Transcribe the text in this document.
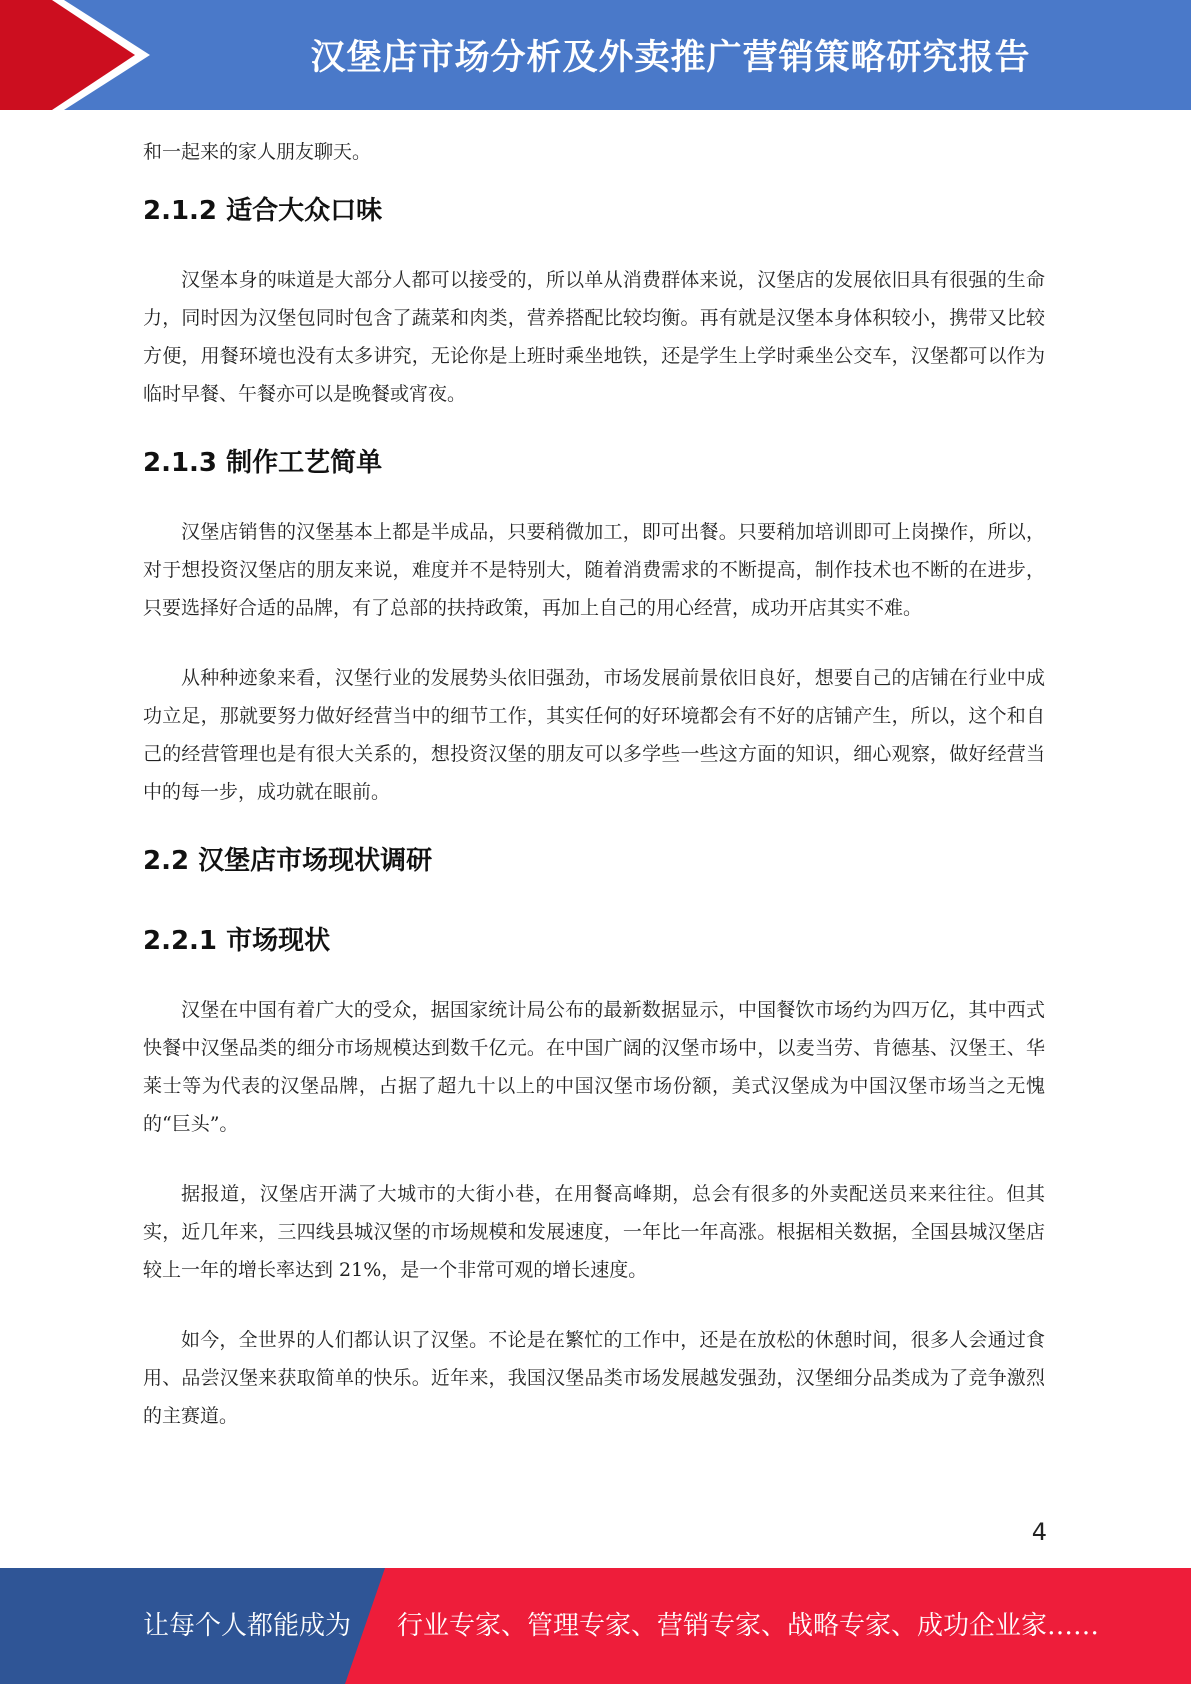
汉堡店市场分析及外卖推广营销策略研究报告

和一起来的家人朋友聊天。

2.1.2 适合大众口味

汉堡本身的味道是大部分人都可以接受的，所以单从消费群体来说，汉堡店的发展依旧具有很强的生命力，同时因为汉堡包同时包含了蔬菜和肉类，营养搭配比较均衡。再有就是汉堡本身体积较小，携带又比较方便，用餐环境也没有太多讲究，无论你是上班时乘坐地铁，还是学生上学时乘坐公交车，汉堡都可以作为临时早餐、午餐亦可以是晚餐或宵夜。

2.1.3 制作工艺简单

汉堡店销售的汉堡基本上都是半成品，只要稍微加工，即可出餐。只要稍加培训即可上岗操作，所以，对于想投资汉堡店的朋友来说，难度并不是特别大，随着消费需求的不断提高，制作技术也不断的在进步，只要选择好合适的品牌，有了总部的扶持政策，再加上自己的用心经营，成功开店其实不难。

从种种迹象来看，汉堡行业的发展势头依旧强劲，市场发展前景依旧良好，想要自己的店铺在行业中成功立足，那就要努力做好经营当中的细节工作，其实任何的好环境都会有不好的店铺产生，所以，这个和自己的经营管理也是有很大关系的，想投资汉堡的朋友可以多学些一些这方面的知识，细心观察，做好经营当中的每一步，成功就在眼前。

2.2 汉堡店市场现状调研
2.2.1 市场现状

汉堡在中国有着广大的受众，据国家统计局公布的最新数据显示，中国餐饮市场约为四万亿，其中西式快餐中汉堡品类的细分市场规模达到数千亿元。在中国广阔的汉堡市场中，以麦当劳、肯德基、汉堡王、华莱士等为代表的汉堡品牌，占据了超九十以上的中国汉堡市场份额，美式汉堡成为中国汉堡市场当之无愧的“巨头”。

据报道，汉堡店开满了大城市的大街小巷，在用餐高峰期，总会有很多的外卖配送员来来往往。但其实，近几年来，三四线县城汉堡的市场规模和发展速度，一年比一年高涨。根据相关数据，全国县城汉堡店较上一年的增长率达到 21%，是一个非常可观的增长速度。

如今，全世界的人们都认识了汉堡。不论是在繁忙的工作中，还是在放松的休憩时间，很多人会通过食用、品尝汉堡来获取简单的快乐。近年来，我国汉堡品类市场发展越发强劲，汉堡细分品类成为了竞争激烈的主赛道。

4
让每个人都能成为 行业专家、管理专家、营销专家、战略专家、成功企业家……
